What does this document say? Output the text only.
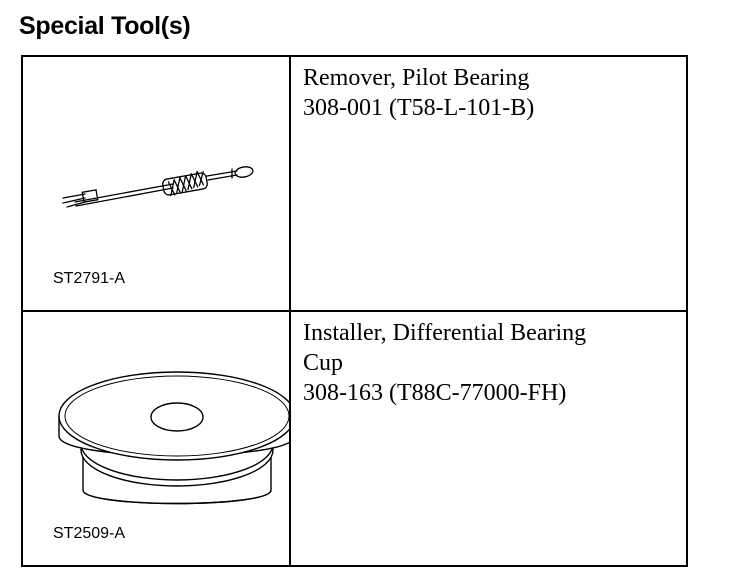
Special Tool(s)
ST2791-A
Remover, Pilot Bearing
308-001 (T58-L-101-B)
ST2509-A
Installer, Differential Bearing
Cup
308-163 (T88C-77000-FH)
